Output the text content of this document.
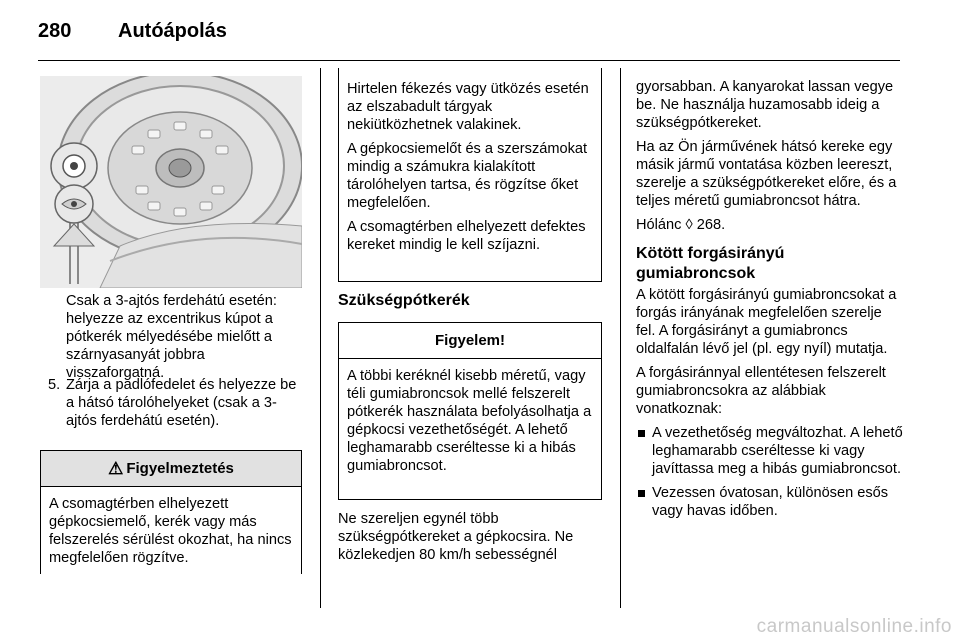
280 Autóápolás

Csak a 3-ajtós ferdehátú esetén: helyezze az excentrikus kúpot a pótkerék mélyedésébe mielőtt a szárnyasanyát jobbra visszaforgatná.

5. Zárja a padlófedelet és helyezze be a hátsó tárolóhelyeket (csak a 3-ajtós ferdehátú esetén).

⚠ Figyelmeztetés

A csomagtérben elhelyezett gépkocsiemelő, kerék vagy más felszerelés sérülést okozhat, ha nincs megfelelően rögzítve.

Hirtelen fékezés vagy ütközés esetén az elszabadult tárgyak nekiütközhetnek valakinek.

A gépkocsiemelőt és a szerszámokat mindig a számukra kialakított tárolóhelyen tartsa, és rögzítse őket megfelelően.

A csomagtérben elhelyezett defektes kereket mindig le kell szíjazni.

Szükségpótkerék
Figyelem!

A többi keréknél kisebb méretű, vagy téli gumiabroncsok mellé felszerelt pótkerék használata befolyásolhatja a gépkocsi vezethetőségét. A lehető leghamarabb cseréltesse ki a hibás gumiabroncsot.

Ne szereljen egynél több szükségpótkereket a gépkocsira. Ne közlekedjen 80 km/h sebességnél

gyorsabban. A kanyarokat lassan vegye be. Ne használja huzamosabb ideig a szükségpótkereket.

Ha az Ön járművének hátsó kereke egy másik jármű vontatása közben leereszt, szerelje a szükségpótkereket előre, és a teljes méretű gumiabroncsot hátra.

Hólánc ◊ 268.

Kötött forgásirányú gumiabroncsok

A kötött forgásirányú gumiabroncsokat a forgás irányának megfelelően szerelje fel. A forgásirányt a gumiabroncs oldalfalán lévő jel (pl. egy nyíl) mutatja.

A forgásiránnyal ellentétesen felszerelt gumiabroncsokra az alábbiak vonatkoznak:

A vezethetőség megváltozhat. A lehető leghamarabb cseréltesse ki vagy javíttassa meg a hibás gumiabroncsot.
Vezessen óvatosan, különösen esős vagy havas időben.
carmanualsonline.info
